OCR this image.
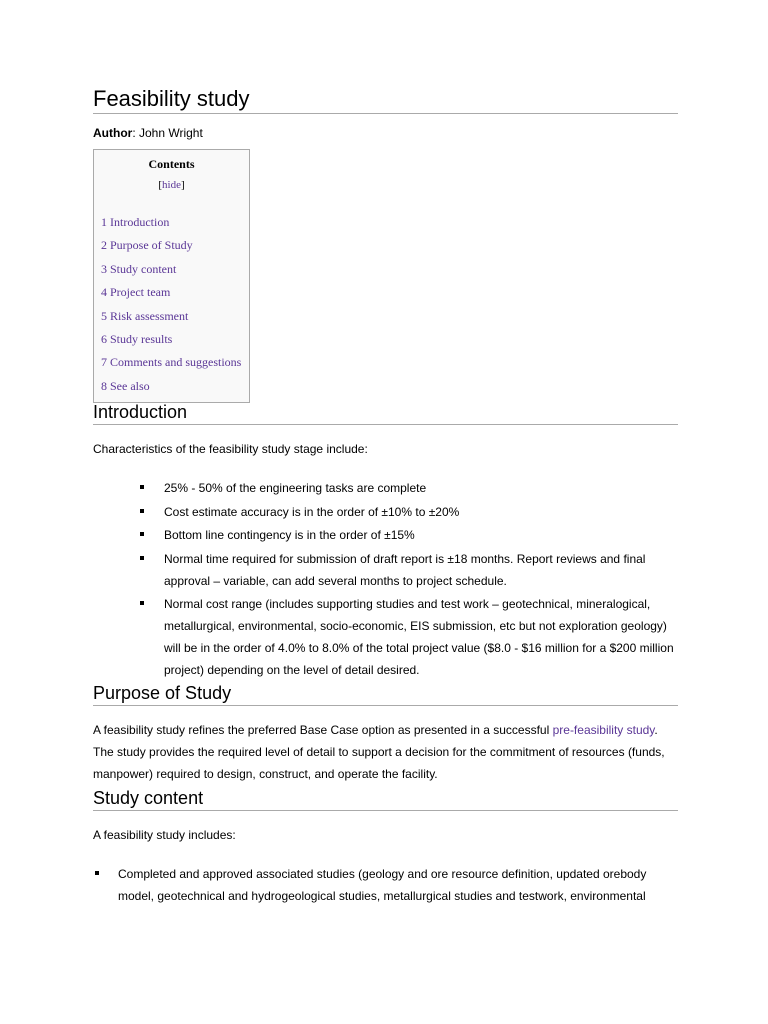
Feasibility study
Author: John Wright
Contents
[hide]
1 Introduction
2 Purpose of Study
3 Study content
4 Project team
5 Risk assessment
6 Study results
7 Comments and suggestions
8 See also
Introduction

Characteristics of the feasibility study stage include:

25% - 50% of the engineering tasks are complete
Cost estimate accuracy is in the order of ±10% to ±20%
Bottom line contingency is in the order of ±15%
Normal time required for submission of draft report is ±18 months. Report reviews and final approval – variable, can add several months to project schedule.
Normal cost range (includes supporting studies and test work – geotechnical, mineralogical, metallurgical, environmental, socio-economic, EIS submission, etc but not exploration geology) will be in the order of 4.0% to 8.0% of the total project value ($8.0 - $16 million for a $200 million project) depending on the level of detail desired.
Purpose of Study

A feasibility study refines the preferred Base Case option as presented in a successful pre-feasibility study. The study provides the required level of detail to support a decision for the commitment of resources (funds, manpower) required to design, construct, and operate the facility.

Study content

A feasibility study includes:

Completed and approved associated studies (geology and ore resource definition, updated orebody model, geotechnical and hydrogeological studies, metallurgical studies and testwork, environmental
